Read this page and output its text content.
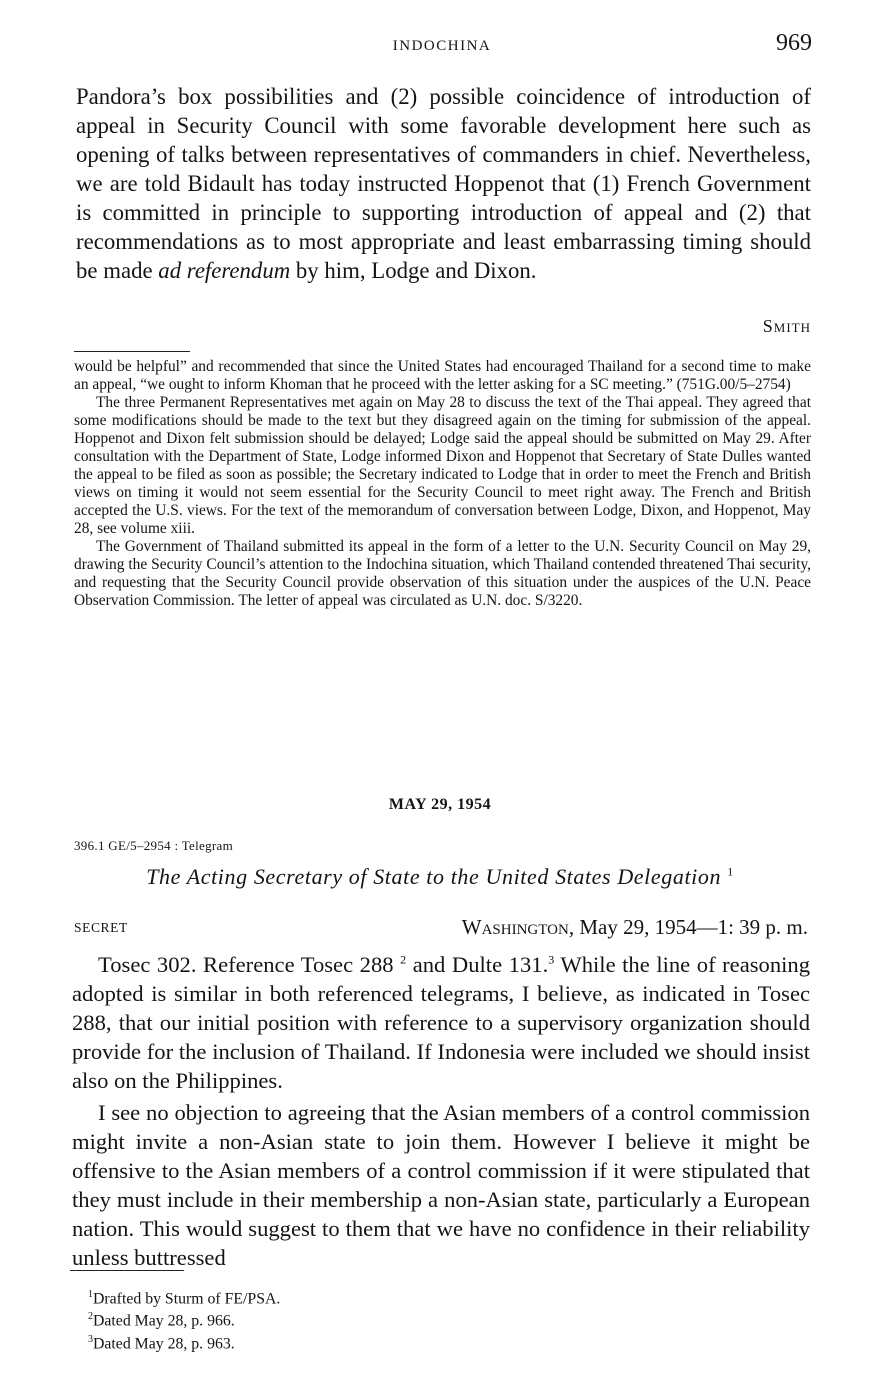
INDOCHINA	969

Pandora’s box possibilities and (2) possible coincidence of introduction of appeal in Security Council with some favorable development here such as opening of talks between representatives of commanders in chief. Nevertheless, we are told Bidault has today instructed Hoppenot that (1) French Government is committed in principle to supporting introduction of appeal and (2) that recommendations as to most appropriate and least embarrassing timing should be made ad referendum by him, Lodge and Dixon.

Smith

would be helpful” and recommended that since the United States had encouraged Thailand for a second time to make an appeal, “we ought to inform Khoman that he proceed with the letter asking for a SC meeting.” (751G.00/5–2754)

The three Permanent Representatives met again on May 28 to discuss the text of the Thai appeal. They agreed that some modifications should be made to the text but they disagreed again on the timing for submission of the appeal. Hoppenot and Dixon felt submission should be delayed; Lodge said the appeal should be submitted on May 29. After consultation with the Department of State, Lodge informed Dixon and Hoppenot that Secretary of State Dulles wanted the appeal to be filed as soon as possible; the Secretary indicated to Lodge that in order to meet the French and British views on timing it would not seem essential for the Security Council to meet right away. The French and British accepted the U.S. views. For the text of the memorandum of conversation between Lodge, Dixon, and Hoppenot, May 28, see volume xiii.

The Government of Thailand submitted its appeal in the form of a letter to the U.N. Security Council on May 29, drawing the Security Council’s attention to the Indochina situation, which Thailand contended threatened Thai security, and requesting that the Security Council provide observation of this situation under the auspices of the U.N. Peace Observation Commission. The letter of appeal was circulated as U.N. doc. S/3220.

MAY 29, 1954
396.1 GE/5–2954 : Telegram
The Acting Secretary of State to the United States Delegation $^1$
SECRET	Washington, May 29, 1954—1: 39 p. m.

Tosec 302. Reference Tosec 288 $^2$ and Dulte 131.$^3$ While the line of reasoning adopted is similar in both referenced telegrams, I believe, as indicated in Tosec 288, that our initial position with reference to a supervisory organization should provide for the inclusion of Thailand. If Indonesia were included we should insist also on the Philippines.

I see no objection to agreeing that the Asian members of a control commission might invite a non-Asian state to join them. However I believe it might be offensive to the Asian members of a control commission if it were stipulated that they must include in their membership a non-Asian state, particularly a European nation. This would suggest to them that we have no confidence in their reliability unless buttressed

$^1$Drafted by Sturm of FE/PSA.
$^2$Dated May 28, p. 966.
$^3$Dated May 28, p. 963.
